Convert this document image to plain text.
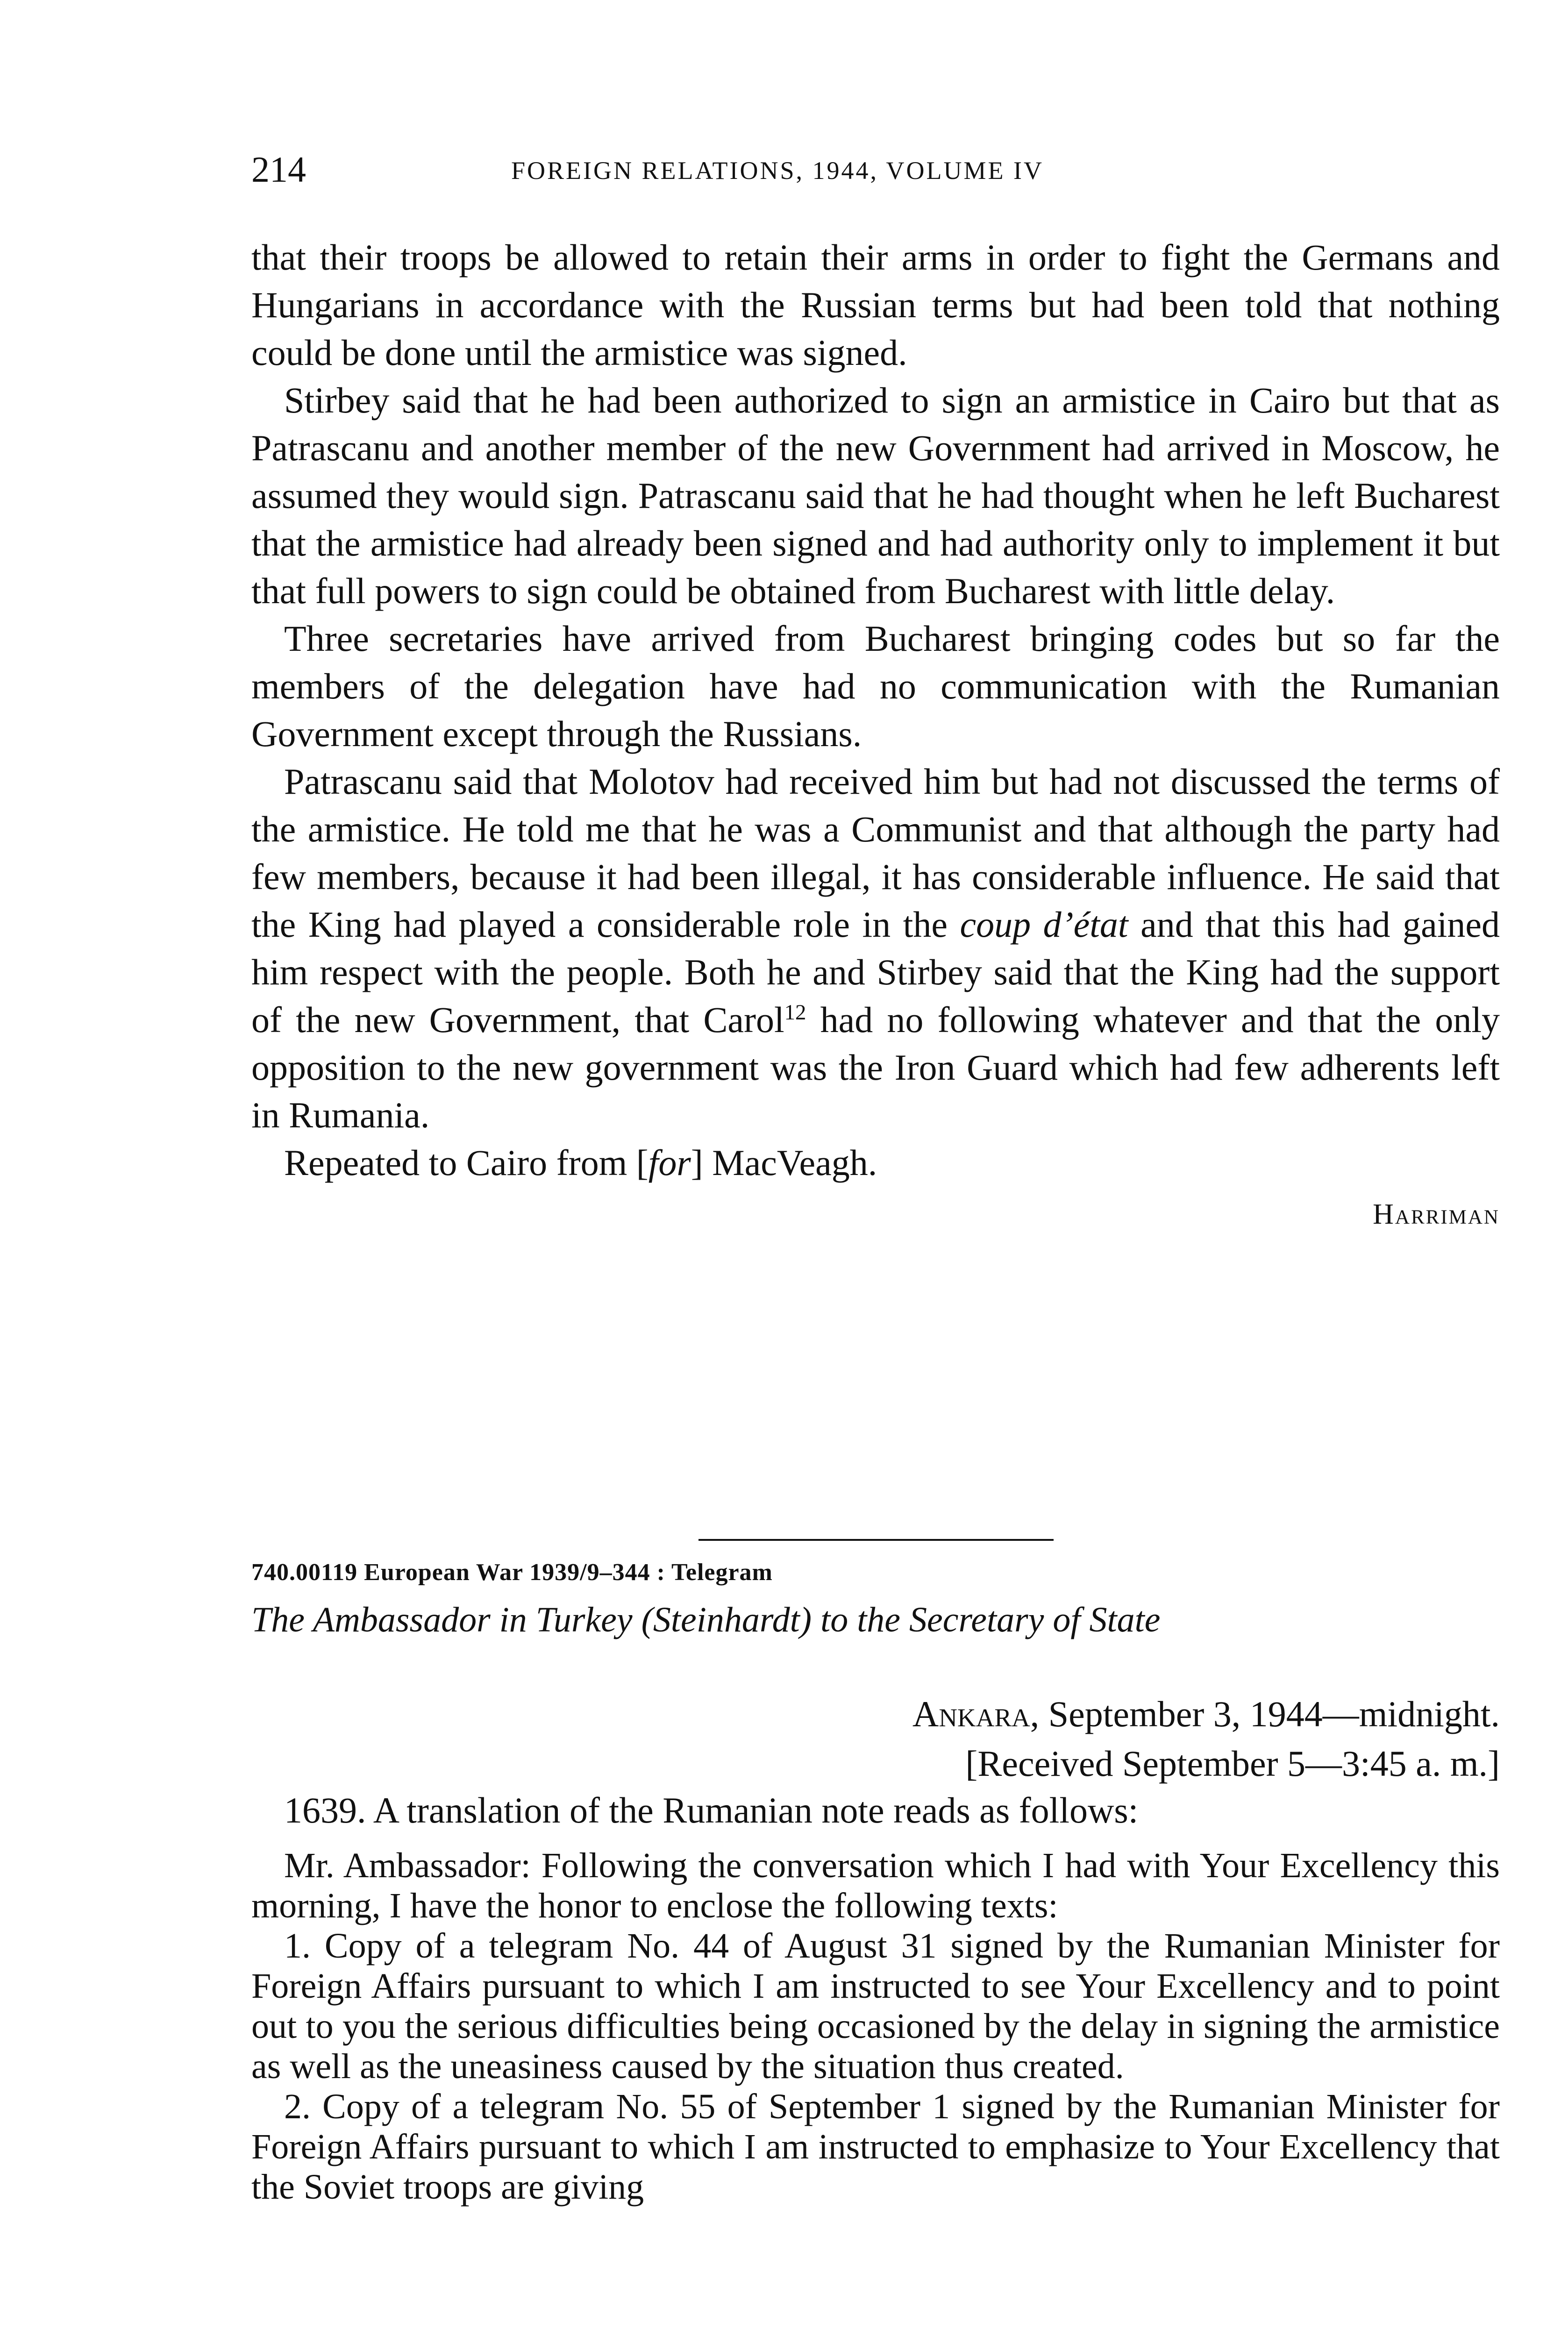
214	FOREIGN RELATIONS, 1944, VOLUME IV

that their troops be allowed to retain their arms in order to fight the Germans and Hungarians in accordance with the Russian terms but had been told that nothing could be done until the armistice was signed.

Stirbey said that he had been authorized to sign an armistice in Cairo but that as Patrascanu and another member of the new Government had arrived in Moscow, he assumed they would sign. Patrascanu said that he had thought when he left Bucharest that the armistice had already been signed and had authority only to implement it but that full powers to sign could be obtained from Bucharest with little delay.

Three secretaries have arrived from Bucharest bringing codes but so far the members of the delegation have had no communication with the Rumanian Government except through the Russians.

Patrascanu said that Molotov had received him but had not discussed the terms of the armistice. He told me that he was a Communist and that although the party had few members, because it had been illegal, it has considerable influence. He said that the King had played a considerable role in the coup d’état and that this had gained him respect with the people. Both he and Stirbey said that the King had the support of the new Government, that Carol$^{12}$ had no following whatever and that the only opposition to the new government was the Iron Guard which had few adherents left in Rumania.

Repeated to Cairo from [for] MacVeagh.

Harriman
740.00119 European War 1939/9–344 : Telegram
The Ambassador in Turkey (Steinhardt) to the Secretary of State
Ankara, September 3, 1944—midnight.
[Received September 5—3:45 a. m.]
1639. A translation of the Rumanian note reads as follows:

Mr. Ambassador: Following the conversation which I had with Your Excellency this morning, I have the honor to enclose the following texts:

1. Copy of a telegram No. 44 of August 31 signed by the Rumanian Minister for Foreign Affairs pursuant to which I am instructed to see Your Excellency and to point out to you the serious difficulties being occasioned by the delay in signing the armistice as well as the uneasiness caused by the situation thus created.

2. Copy of a telegram No. 55 of September 1 signed by the Rumanian Minister for Foreign Affairs pursuant to which I am instructed to emphasize to Your Excellency that the Soviet troops are giving
